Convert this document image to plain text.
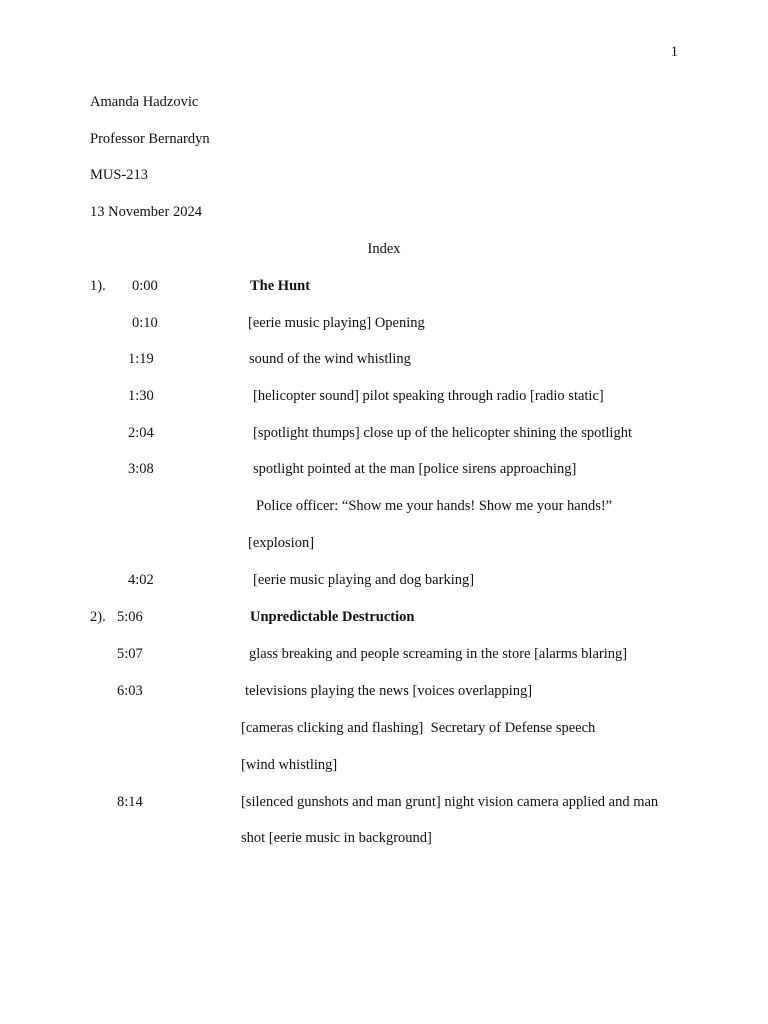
1
Amanda Hadzovic
Professor Bernardyn
MUS-213
13 November 2024
Index
1). 0:00	The Hunt
0:10	[eerie music playing] Opening
1:19	sound of the wind whistling
1:30	[helicopter sound] pilot speaking through radio [radio static]
2:04	[spotlight thumps] close up of the helicopter shining the spotlight
3:08	spotlight pointed at the man [police sirens approaching]
Police officer: “Show me your hands! Show me your hands!”
[explosion]
4:02	[eerie music playing and dog barking]
2). 5:06	Unpredictable Destruction
5:07	glass breaking and people screaming in the store [alarms blaring]
6:03	televisions playing the news [voices overlapping]
[cameras clicking and flashing]  Secretary of Defense speech
[wind whistling]
8:14	[silenced gunshots and man grunt] night vision camera applied and man
shot [eerie music in background]
